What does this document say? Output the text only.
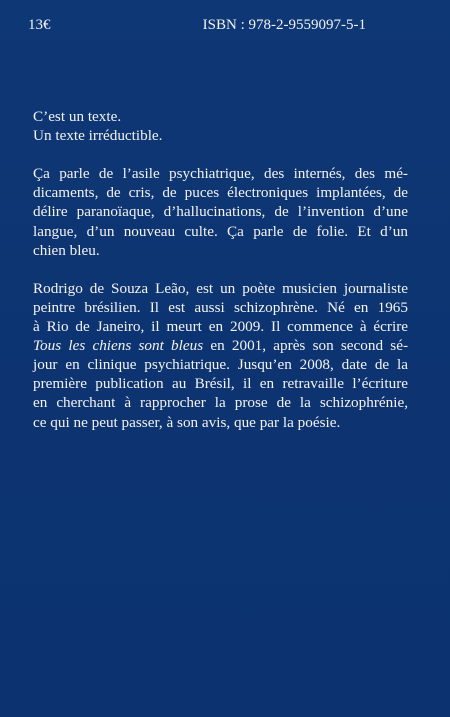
13€	ISBN : 978-2-9559097-5-1
C’est un texte.
Un texte irréductible.
Ça parle de l’asile psychiatrique, des internés, des mé-
dicaments, de cris, de puces électroniques implantées, de
délire paranoïaque, d’hallucinations, de l’invention d’une
langue, d’un nouveau culte. Ça parle de folie. Et d’un
chien bleu.
Rodrigo de Souza Leão, est un poète musicien journaliste
peintre brésilien. Il est aussi schizophrène. Né en 1965
à Rio de Janeiro, il meurt en 2009. Il commence à écrire
Tous les chiens sont bleus en 2001, après son second sé-
jour en clinique psychiatrique. Jusqu’en 2008, date de la
première publication au Brésil, il en retravaille l’écriture
en cherchant à rapprocher la prose de la schizophrénie,
ce qui ne peut passer, à son avis, que par la poésie.
